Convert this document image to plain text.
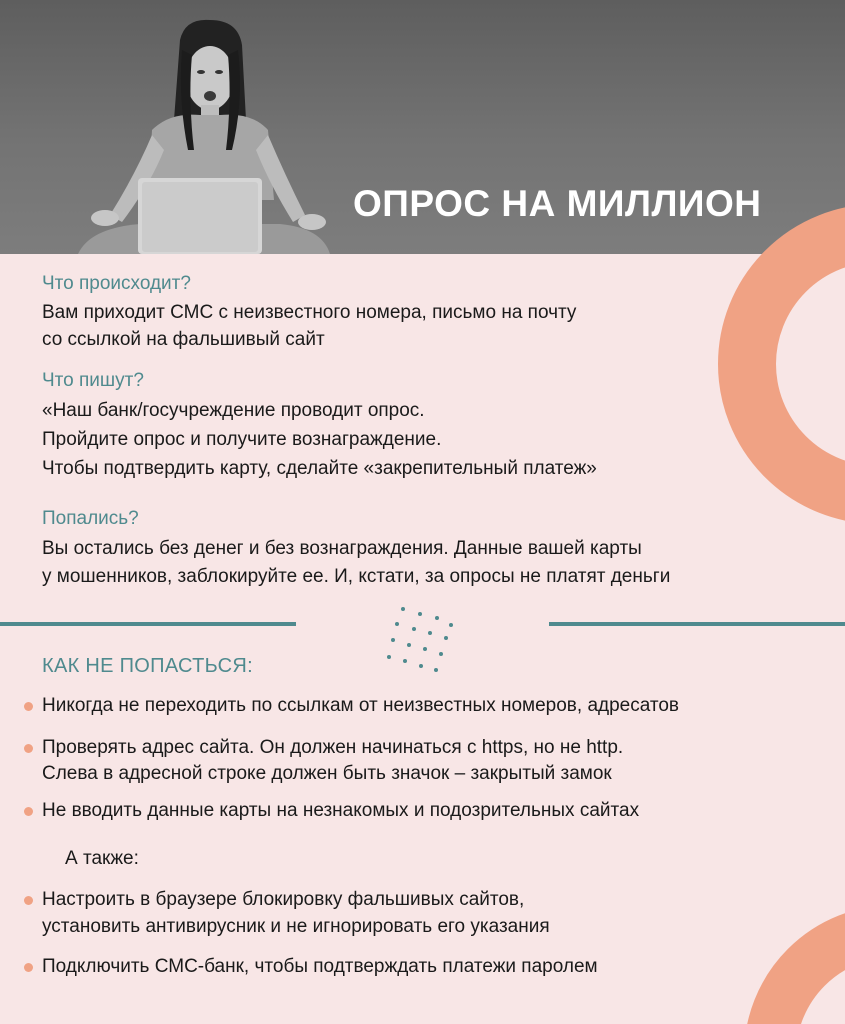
ОПРОС НА МИЛЛИОН
Что происходит?
Вам приходит СМС с неизвестного номера, письмо на почту
со ссылкой на фальшивый сайт
Что пишут?
«Наш банк/госучреждение проводит опрос.
Пройдите опрос и получите вознаграждение.
Чтобы подтвердить карту, сделайте «закрепительный платеж»
Попались?
Вы остались без денег и без вознаграждения. Данные вашей карты
у мошенников, заблокируйте ее. И, кстати, за опросы не платят деньги
КАК НЕ ПОПАСТЬСЯ:
Никогда не переходить по ссылкам от неизвестных номеров, адресатов
Проверять адрес сайта. Он должен начинаться с https, но не http.
Слева в адресной строке должен быть значок – закрытый замок
Не вводить данные карты на незнакомых и подозрительных сайтах
А также:
Настроить в браузере блокировку фальшивых сайтов,
установить антивирусник и не игнорировать его указания
Подключить СМС-банк, чтобы подтверждать платежи паролем
